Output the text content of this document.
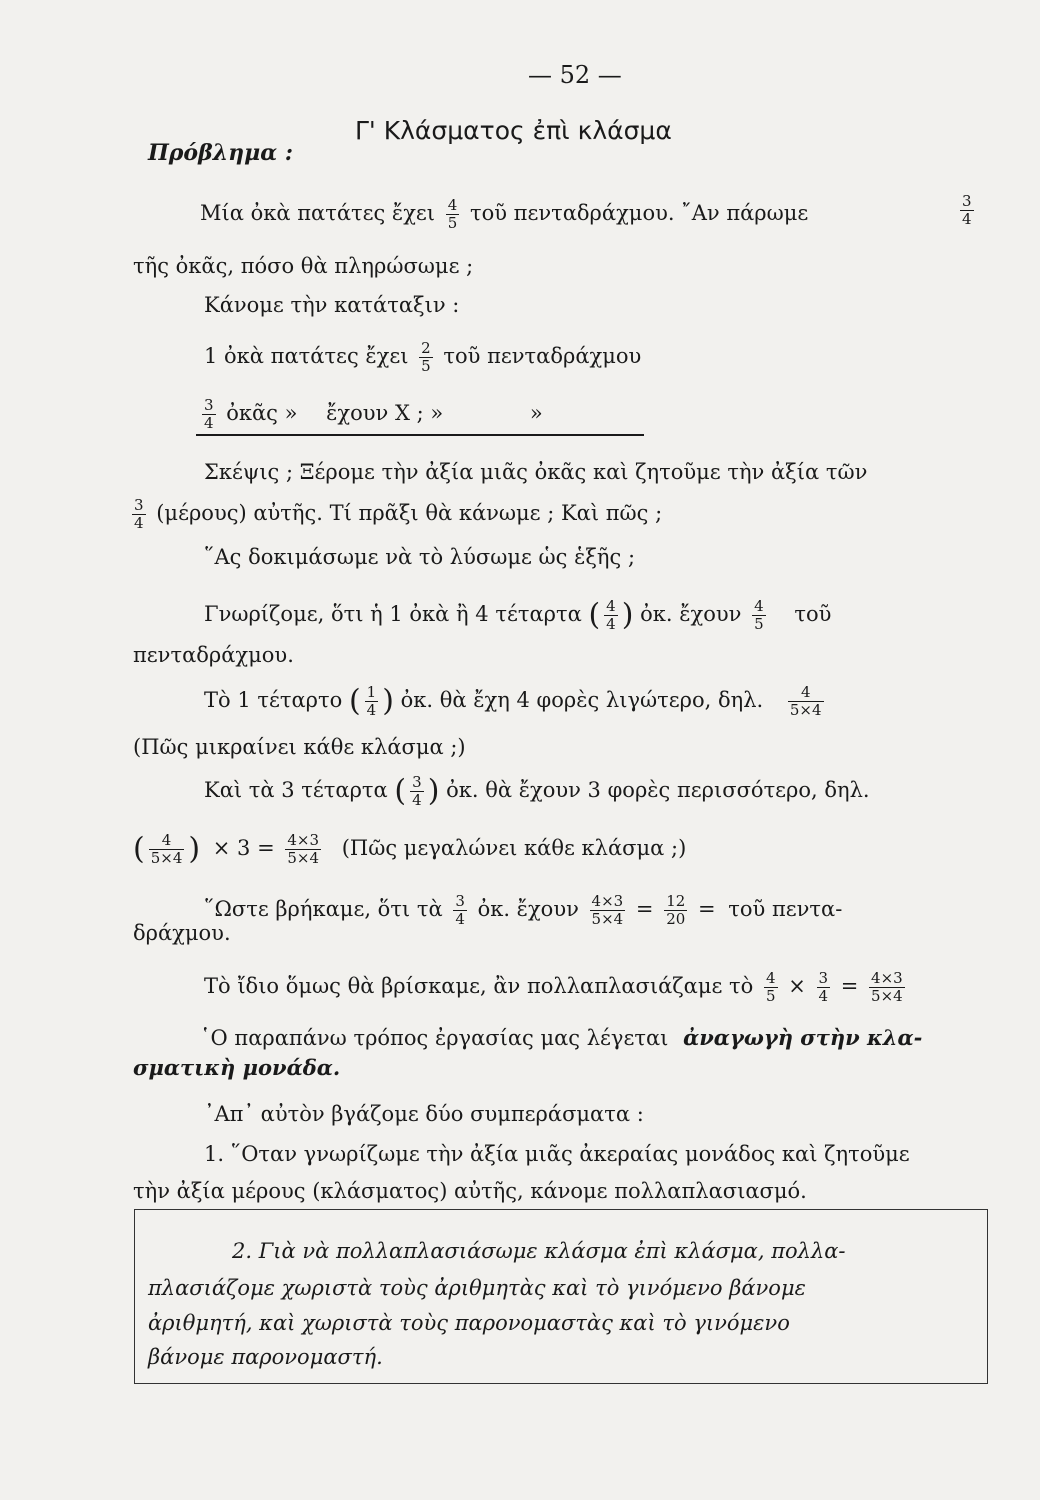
— 52 —
Πρόβλημα :
Γ' Κλάσματος ἐπὶ κλάσμα
Μία ὀκὰ πατάτες ἔχει $\frac{4}{5}$ τοῦ πενταδράχμου. ῎Αν πάρωμε	$\frac{3}{4}$
τῆς ὀκᾶς, πόσο θὰ πληρώσωμε ;
Κάνομε τὴν κατάταξιν :
1 ὀκὰ πατάτες ἔχει $\frac{2}{5}$ τοῦ πενταδράχμου
$\frac{3}{4}$ ὀκᾶς » ἔχουν Χ ; »	»
Σκέψις ; Ξέρομε τὴν ἀξία μιᾶς ὀκᾶς καὶ ζητοῦμε τὴν ἀξία τῶν
$\frac{3}{4} (\mu έ\rho o\upsilon\varsigma)$ αὐτῆς. Τί πρᾶξι θὰ κάνωμε ; Καὶ πῶς ;
῞Ας δοκιμάσωμε νὰ τὸ λύσωμε ὡς ἑξῆς ;
Γνωρίζομε, ὅτι ἡ 1 ὀκὰ ἢ 4 τέταρτα ( $\frac{4}{4}$ ) ὀκ. ἔχουν $\frac{4}{5}$ τοῦ
πενταδράχμου.
Τὸ 1 τέταρτο ( $\frac{1}{4}$ ) ὀκ. θὰ ἔχη 4 φορὲς λιγώτερο, δηλ. $\frac{4}{5\times 4}$
(Πῶς μικραίνει κάθε κλάσμα ;)
Καὶ τὰ 3 τέταρτα ( $\frac{3}{4}$ ) ὀκ. θὰ ἔχουν 3 φορὲς περισσότερο, δηλ.
( $\frac{4}{5\times 4}$ ) × $3 = \frac{4\times 3}{5\times 4}$ (Πῶς μεγαλώνει κάθε κλάσμα ;)
῞Ωστε βρήκαμε, ὅτι τὰ $\frac{3}{4}$ ὀκ. ἔχουν $\frac{4\times 3}{5\times 4} = \frac{12}{20}$ = τοῦ πεντα-
δράχμου.
Τὸ ἴδιο ὅμως θὰ βρίσκαμε, ἂν πολλαπλασιάζαμε τὸ $\frac{4}{5} \times \frac{3}{4} = \frac{4\times 3}{5\times 4}$
῾Ο παραπάνω τρόπος ἐργασίας μας λέγεται ἀναγωγὴ στὴν κλα-
σματικὴ μονάδα.
᾽Απ᾽ αὐτὸν βγάζομε δύο συμπεράσματα :
1. ῞Οταν γνωρίζωμε τὴν ἀξία μιᾶς ἀκεραίας μονάδος καὶ ζητοῦμε
τὴν ἀξία μέρους (κλάσματος) αὐτῆς, κάνομε πολλαπλασιασμό.
2. Γιὰ νὰ πολλαπλασιάσωμε κλάσμα ἐπὶ κλάσμα, πολλα-
πλασιάζομε χωριστὰ τοὺς ἀριθμητὰς καὶ τὸ γινόμενο βάνομε
ἀριθμητή, καὶ χωριστὰ τοὺς παρονομαστὰς καὶ τὸ γινόμενο
βάνομε παρονομαστή.
